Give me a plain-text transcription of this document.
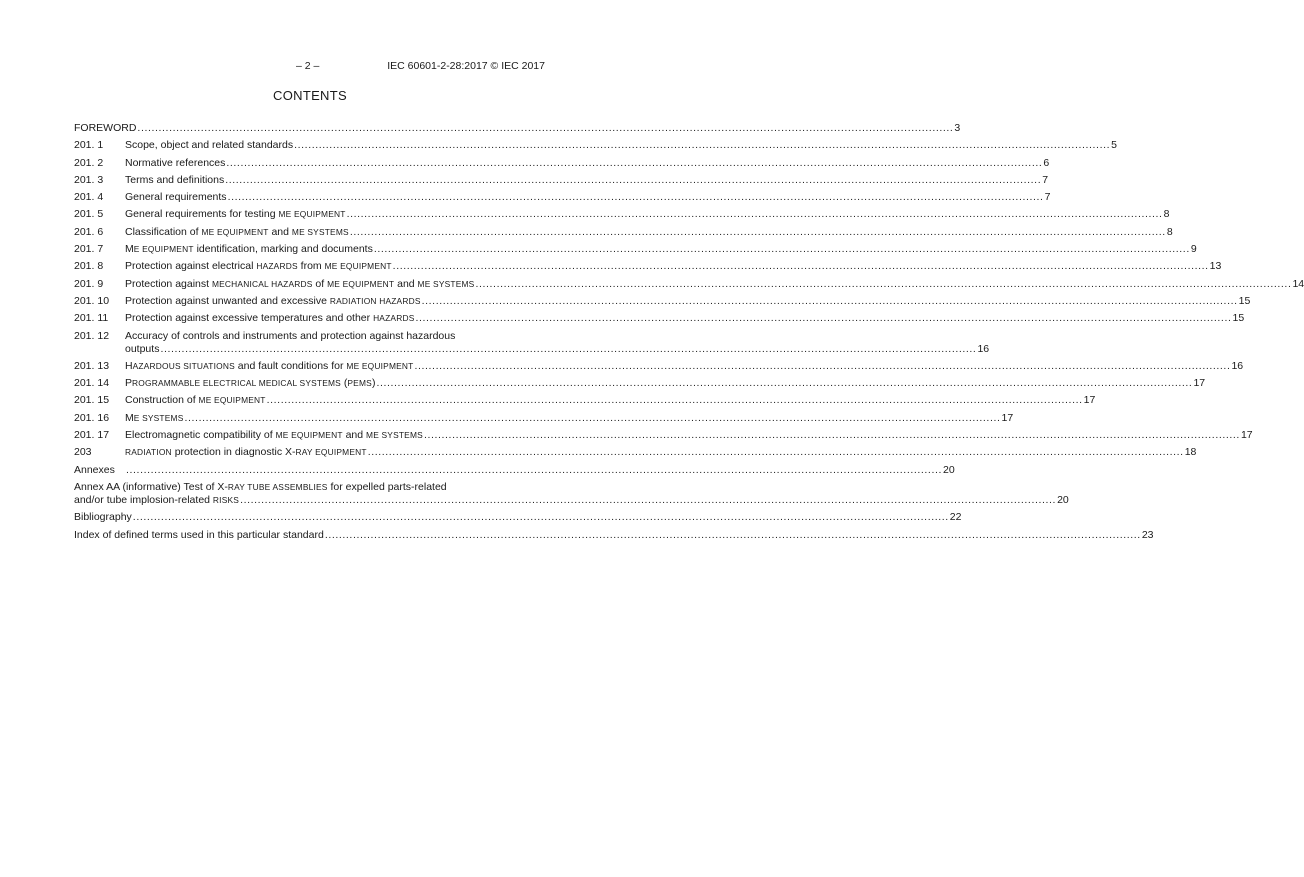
– 2 –	IEC 60601-2-28:2017 © IEC 2017
CONTENTS
FOREWORD .....	3
201. 1	Scope, object and related standards .....	5
201. 2	Normative references .....	6
201. 3	Terms and definitions .....	7
201. 4	General requirements .....	7
201. 5	General requirements for testing ME EQUIPMENT .....	8
201. 6	Classification of ME EQUIPMENT and ME SYSTEMS .....	8
201. 7	ME EQUIPMENT identification, marking and documents .....	9
201. 8	Protection against electrical HAZARDS from ME EQUIPMENT .....	13
201. 9	Protection against MECHANICAL HAZARDS of ME EQUIPMENT and ME SYSTEMS .....	14
201. 10	Protection against unwanted and excessive RADIATION HAZARDS .....	15
201. 11	Protection against excessive temperatures and other HAZARDS .....	15
201. 12	Accuracy of controls and instruments and protection against hazardous
outputs .....	16
201. 13	HAZARDOUS SITUATIONS and fault conditions for ME EQUIPMENT .....	16
201. 14	PROGRAMMABLE ELECTRICAL MEDICAL SYSTEMS (PEMS) .....	17
201. 15	Construction of ME EQUIPMENT .....	17
201. 16	ME SYSTEMS .....	17
201. 17	Electromagnetic compatibility of ME EQUIPMENT and ME SYSTEMS .....	17
203	RADIATION protection in diagnostic X-RAY EQUIPMENT .....	18
Annexes .....	20
Annex AA (informative) Test of X-RAY TUBE ASSEMBLIES for expelled parts-related
and/or tube implosion-related RISKS .....	20
Bibliography .....	22
Index of defined terms used in this particular standard .....	23
